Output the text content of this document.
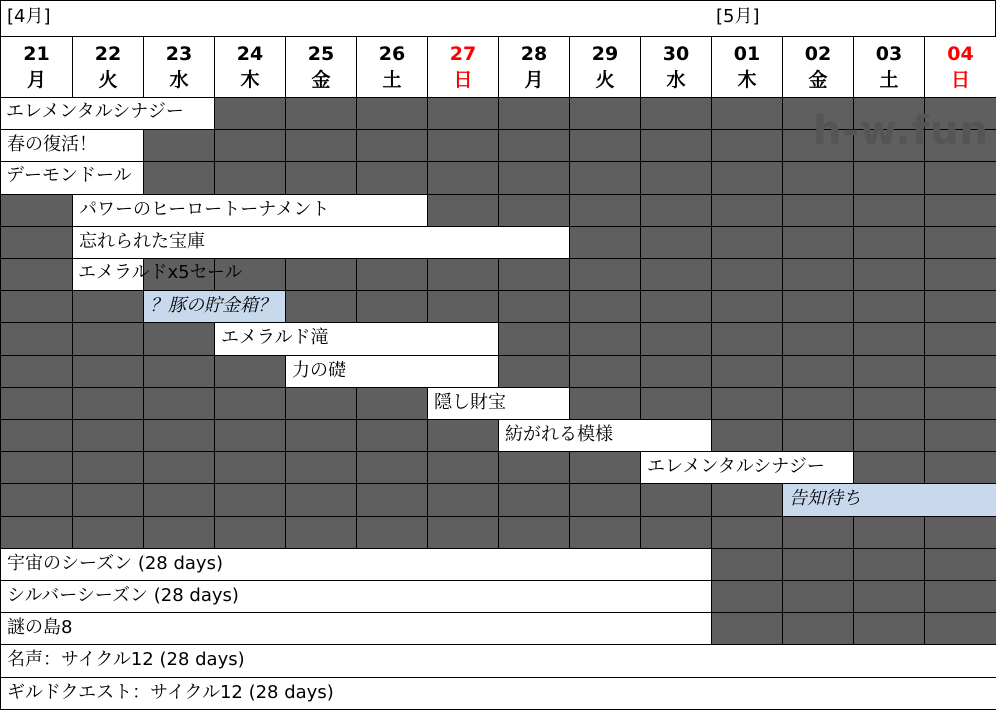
[4月]	[5月]
21
月
22
火
23
水
24
木
25
金
26
土
27
日
28
月
29
火
30
水
01
木
02
金
03
土
04
日
エレメンタルシナジー
春の復活！
デーモンドール
パワーのヒーロートーナメント
忘れられた宝庫
エメラルドx5セール
？豚の貯金箱？
エメラルド滝
力の礎
隠し財宝
紡がれる模様
エレメンタルシナジー
告知待ち
宇宙のシーズン (28 days)
シルバーシーズン (28 days)
謎の島8
名声：サイクル12 (28 days)
ギルドクエスト：サイクル12 (28 days)
h-w.fun
